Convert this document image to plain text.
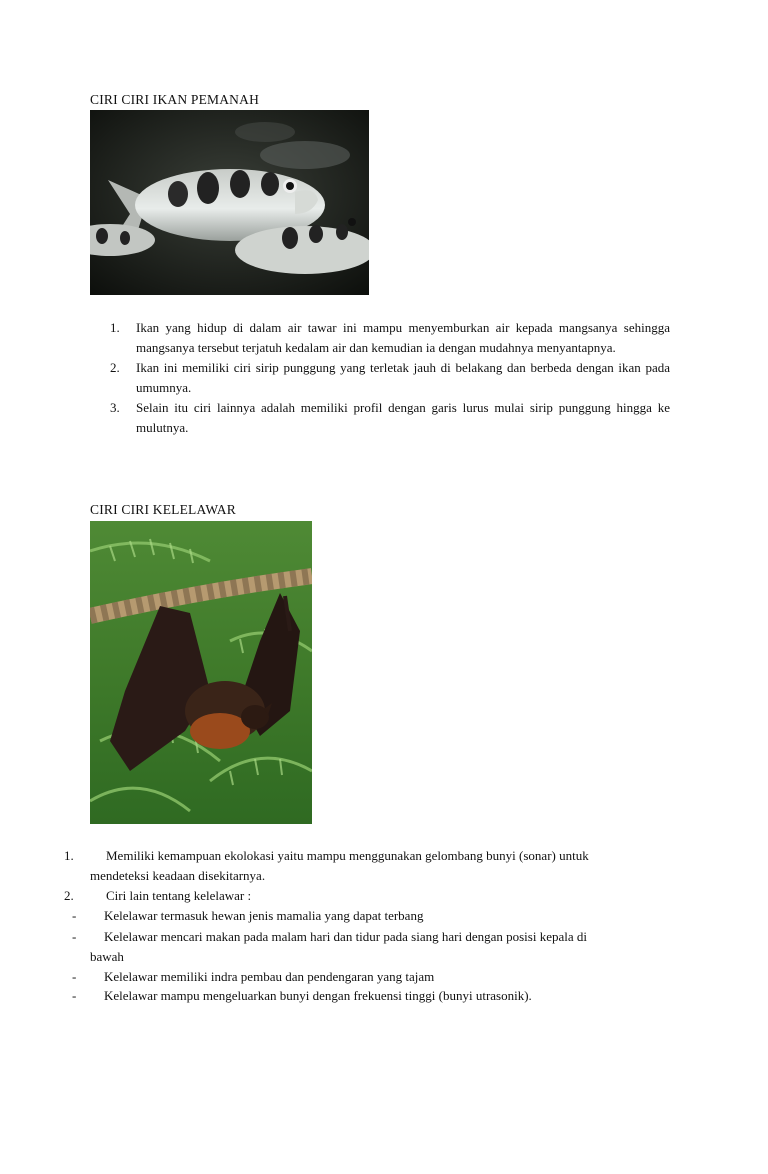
CIRI CIRI IKAN PEMANAH
1. Ikan yang hidup di dalam air tawar ini mampu menyemburkan air kepada mangsanya sehingga mangsanya tersebut terjatuh kedalam air dan kemudian ia dengan mudahnya menyantapnya.
2. Ikan ini memiliki ciri sirip punggung yang terletak jauh di belakang dan berbeda dengan ikan pada umumnya.
3. Selain itu ciri lainnya adalah memiliki profil dengan garis lurus mulai sirip punggung hingga ke mulutnya.
CIRI CIRI KELELAWAR
1. Memiliki kemampuan ekolokasi yaitu mampu menggunakan gelombang bunyi (sonar) untuk
mendeteksi keadaan disekitarnya.
2. Ciri lain tentang kelelawar :
- Kelelawar termasuk hewan jenis mamalia yang dapat terbang
- Kelelawar mencari makan pada malam hari dan tidur pada siang hari dengan posisi kepala di
bawah
- Kelelawar memiliki indra pembau dan pendengaran yang tajam
- Kelelawar mampu mengeluarkan bunyi dengan frekuensi tinggi (bunyi utrasonik).
